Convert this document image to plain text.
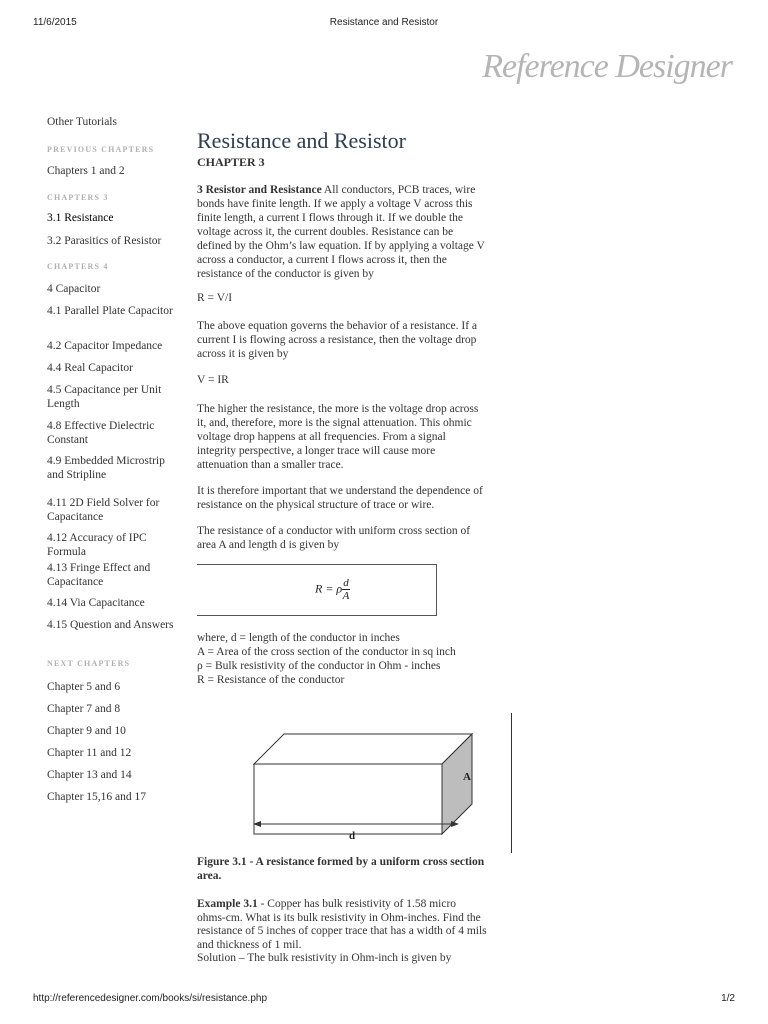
11/6/2015	Resistance and Resistor
Reference Designer
Other Tutorials
PREVIOUS CHAPTERS
Chapters 1 and 2
CHAPTERS 3
3.1 Resistance
3.2 Parasitics of Resistor
CHAPTERS 4
4 Capacitor
4.1 Parallel Plate Capacitor
4.2 Capacitor Impedance
4.4 Real Capacitor
4.5 Capacitance per Unit Length
4.8 Effective Dielectric Constant
4.9 Embedded Microstrip and Stripline
4.11 2D Field Solver for Capacitance
4.12 Accuracy of IPC Formula
4.13 Fringe Effect and Capacitance
4.14 Via Capacitance
4.15 Question and Answers
NEXT CHAPTERS
Chapter 5 and 6
Chapter 7 and 8
Chapter 9 and 10
Chapter 11 and 12
Chapter 13 and 14
Chapter 15,16 and 17
Resistance and Resistor
CHAPTER 3

3 Resistor and Resistance All conductors, PCB traces, wire bonds have finite length. If we apply a voltage V across this finite length, a current I flows through it. If we double the voltage across it, the current doubles. Resistance can be defined by the Ohm’s law equation. If by applying a voltage V across a conductor, a current I flows across it, then the resistance of the conductor is given by

R = V/I

The above equation governs the behavior of a resistance. If a current I is flowing across a resistance, then the voltage drop across it is given by

V = IR

The higher the resistance, the more is the voltage drop across it, and, therefore, more is the signal attenuation. This ohmic voltage drop happens at all frequencies. From a signal integrity perspective, a longer trace will cause more attenuation than a smaller trace.

It is therefore important that we understand the dependence of resistance on the physical structure of trace or wire.

The resistance of a conductor with uniform cross section of area A and length d is given by

R = ρ $\frac{d}{A}$
where, d = length of the conductor in inches
A = Area of the cross section of the conductor in sq inch
ρ = Bulk resistivity of the conductor in Ohm - inches
R = Resistance of the conductor
A
d
Figure 3.1 - A resistance formed by a uniform cross section area.
Example 3.1 - Copper has bulk resistivity of 1.58 micro ohms-cm. What is its bulk resistivity in Ohm-inches. Find the resistance of 5 inches of copper trace that has a width of 4 mils and thickness of 1 mil.
Solution – The bulk resistivity in Ohm-inch is given by
http://referencedesigner.com/books/si/resistance.php	1/2
